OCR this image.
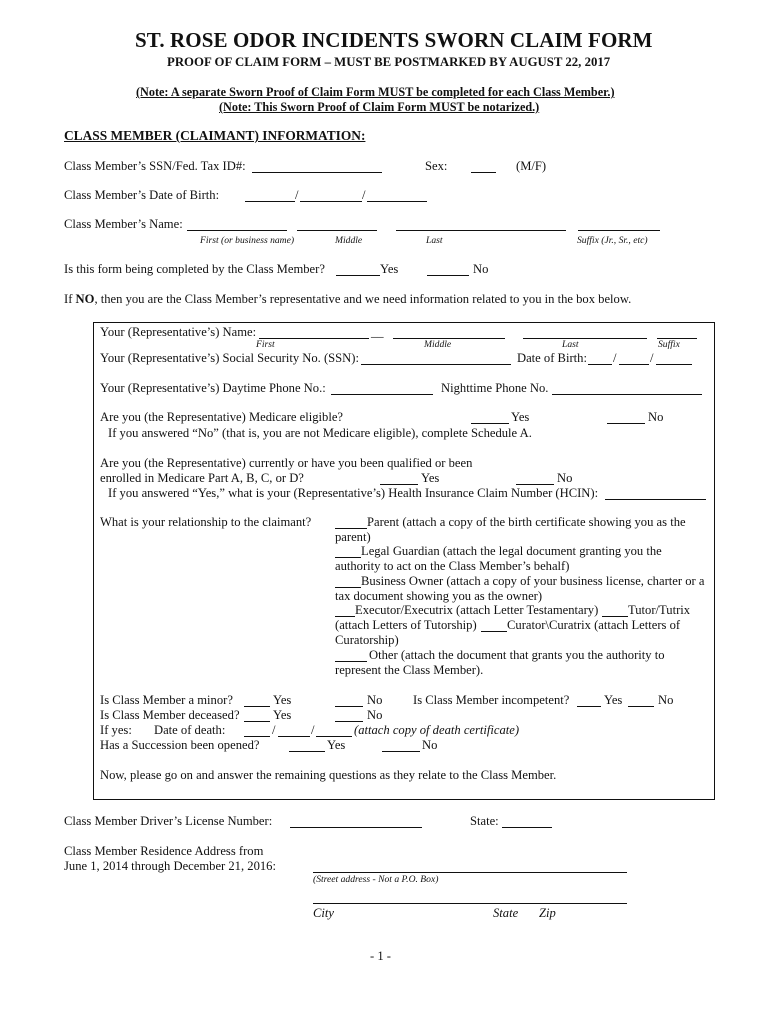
ST. ROSE ODOR INCIDENTS SWORN CLAIM FORM
PROOF OF CLAIM FORM – MUST BE POSTMARKED BY AUGUST 22, 2017
(Note: A separate Sworn Proof of Claim Form MUST be completed for each Class Member.)
(Note: This Sworn Proof of Claim Form MUST be notarized.)
CLASS MEMBER (CLAIMANT) INFORMATION:
Class Member’s SSN/Fed. Tax ID#:	Sex:	(M/F)
Class Member’s Date of Birth:	/	/
Class Member’s Name:
First (or business name)	Middle	Last	Suffix (Jr., Sr., etc)
Is this form being completed by the Class Member?	Yes	No
If NO, then you are the Class Member’s representative and we need information related to you in the box below.
Your (Representative’s) Name:	__
First	Middle	Last	Suffix
Your (Representative’s) Social Security No. (SSN):	Date of Birth: /	/
Your (Representative’s) Daytime Phone No.:	Nighttime Phone No.
Are you (the Representative) Medicare eligible?	Yes	No
If you answered “No” (that is, you are not Medicare eligible), complete Schedule A.
Are you (the Representative) currently or have you been qualified or been
enrolled in Medicare Part A, B, C, or D?	Yes	No
If you answered “Yes,” what is your (Representative’s) Health Insurance Claim Number (HCIN):
What is your relationship to the claimant?	Parent (attach a copy of the birth certificate showing you as the
parent)
Legal Guardian (attach the legal document granting you the
authority to act on the Class Member’s behalf)
Business Owner (attach a copy of your business license, charter or a
tax document showing you as the owner)
Executor/Executrix (attach Letter Testamentary) Tutor/Tutrix
(attach Letters of Tutorship) Curator\Curatrix (attach Letters of
Curatorship)
Other (attach the document that grants you the authority to
represent the Class Member).
Is Class Member a minor?	Yes	No Is Class Member incompetent?	Yes	No
Is Class Member deceased?	Yes	No
If yes: Date of death:	/	/	(attach copy of death certificate)
Has a Succession been opened?	Yes	No
Now, please go on and answer the remaining questions as they relate to the Class Member.
Class Member Driver’s License Number:	State:
Class Member Residence Address from
June 1, 2014 through December 21, 2016:
(Street address - Not a P.O. Box)
City	State Zip
- 1 -
